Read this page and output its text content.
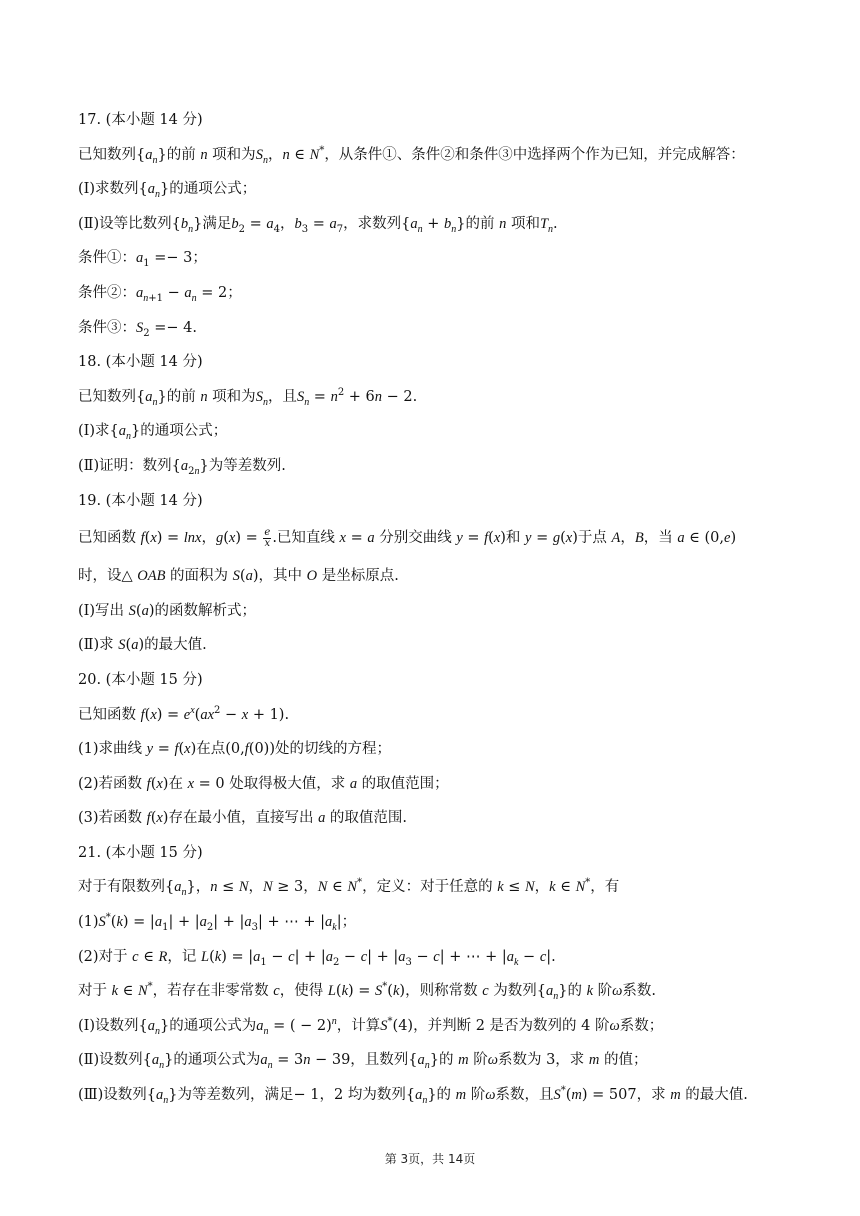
17. (本小题 14 分)
已知数列$\{a_n\}$的前 n 项和为$S_n$，n ∈ N*，从条件①、条件②和条件③中选择两个作为已知，并完成解答：
(Ⅰ)求数列$\{a_n\}$的通项公式；
(Ⅱ)设等比数列$\{b_n\}$满足$b_2 = a_4$，$b_3 = a_7$，求数列$\{a_n + b_n\}$的前 n 项和$T_n$.
条件①：$a_1 =- 3$；
条件②：$a_{n+1} - a_n = 2$；
条件③：$S_2 =- 4$.
18. (本小题 14 分)
已知数列$\{a_n\}$的前 n 项和为$S_n$，且$S_n = n^2 + 6n - 2$.
(Ⅰ)求$\{a_n\}$的通项公式；
(Ⅱ)证明：数列$\{a_{2n}\}$为等差数列.
19. (本小题 14 分)
已知函数 f(x) = lnx，$g(x) = \frac{e}{x}$ .已知直线 x = a 分别交曲线 y = f(x)和 y = g(x)于点 A，B，当 a ∈ (0,e)
时，设△ OAB 的面积为 S(a)，其中 O 是坐标原点.
(Ⅰ)写出 S(a)的函数解析式；
(Ⅱ)求 S(a)的最大值.
20. (本小题 15 分)
已知函数 $f(x) = e^x(ax^2 - x + 1)$.
(1)求曲线 y = f(x)在点(0,f(0))处的切线的方程；
(2)若函数 f(x)在 x = 0 处取得极大值，求 a 的取值范围；
(3)若函数 f(x)存在最小值，直接写出 a 的取值范围.
21. (本小题 15 分)
对于有限数列$\{a_n\}$，n ≤ N，N ≥ 3，N ∈ N*，定义：对于任意的 k ≤ N，k ∈ N*，有
$(1)S^*(k) = |a_1| + |a_2| + |a_3|$ + ⋯ + $|a_k|$；
(2)对于 c ∈ R，记 $L(k) = |a_1 - c| + |a_2 - c| + |a_3 - c|$ + ⋯ + $|a_k - c|$.
对于 k ∈ N*，若存在非零常数 c，使得 L(k) = S*(k)，则称常数 c 为数列$\{a_n\}$的 k 阶ω系数.
(Ⅰ)设数列$\{a_n\}$的通项公式为$a_n$ = ( − 2)$^n$，计算S*(4)，并判断 2 是否为数列的 4 阶ω系数；
(Ⅱ)设数列$\{a_n\}$的通项公式为$a_n = 3n - 39$，且数列$\{a_n\}$的 m 阶ω系数为 3，求 m 的值；
(Ⅲ)设数列$\{a_n\}$为等差数列，满足− 1，2 均为数列$\{a_n\}$的 m 阶ω系数，且S*(m) = 507，求 m 的最大值.
第 3页，共 14页
